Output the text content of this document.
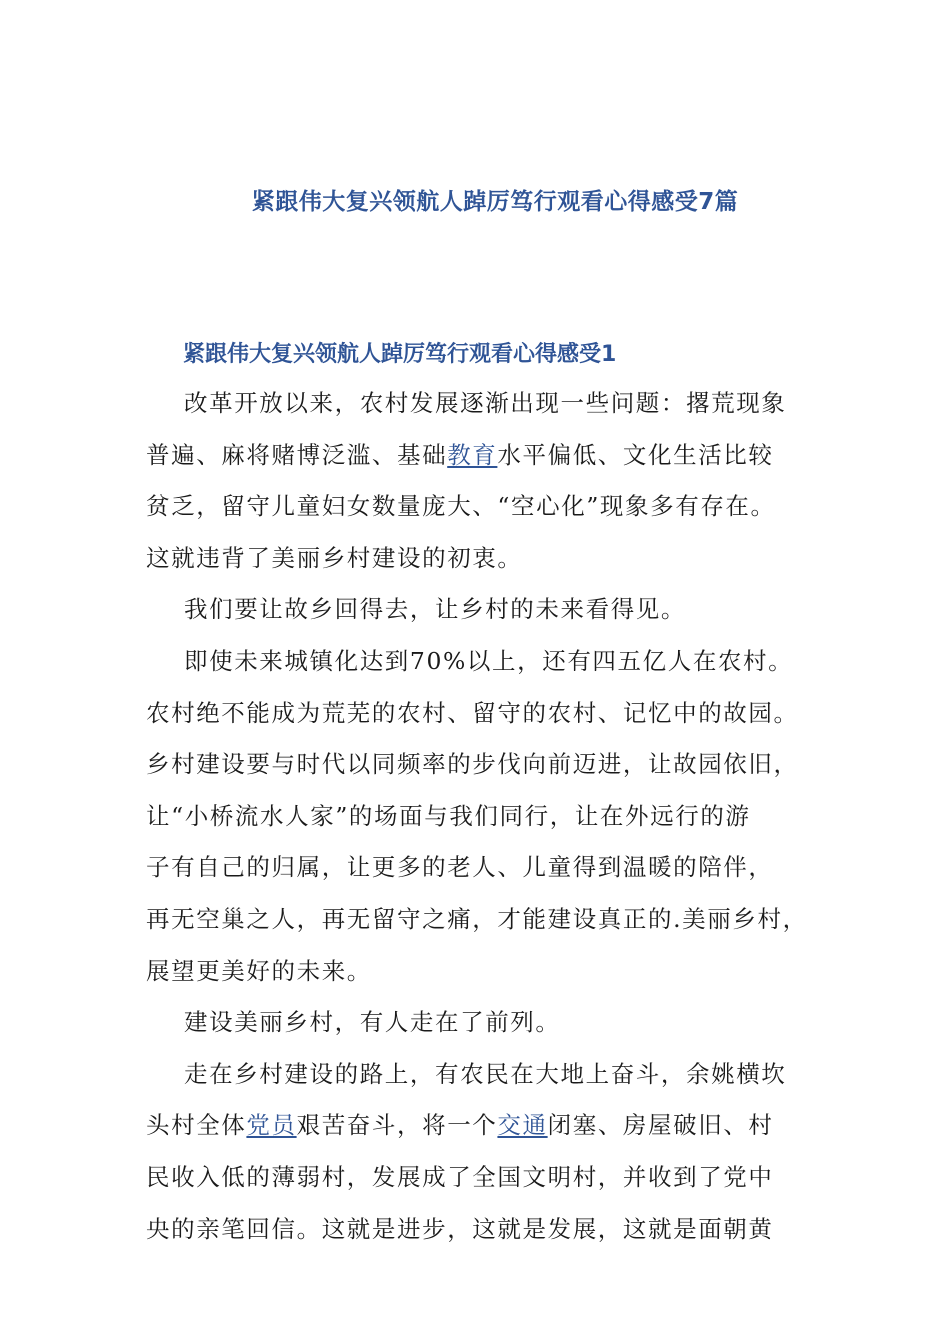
紧跟伟大复兴领航人踔厉笃行观看心得感受7篇
紧跟伟大复兴领航人踔厉笃行观看心得感受1
改革开放以来，农村发展逐渐出现一些问题：撂荒现象
普遍、麻将赌博泛滥、基础教育水平偏低、文化生活比较
贫乏，留守儿童妇女数量庞大、“空心化”现象多有存在。
这就违背了美丽乡村建设的初衷。
我们要让故乡回得去，让乡村的未来看得见。
即使未来城镇化达到70%以上，还有四五亿人在农村。
农村绝不能成为荒芜的农村、留守的农村、记忆中的故园。
乡村建设要与时代以同频率的步伐向前迈进，让故园依旧，
让“小桥流水人家”的场面与我们同行，让在外远行的游
子有自己的归属，让更多的老人、儿童得到温暖的陪伴，
再无空巢之人，再无留守之痛，才能建设真正的.美丽乡村，
展望更美好的未来。
建设美丽乡村，有人走在了前列。
走在乡村建设的路上，有农民在大地上奋斗，余姚横坎
头村全体党员艰苦奋斗，将一个交通闭塞、房屋破旧、村
民收入低的薄弱村，发展成了全国文明村，并收到了党中
央的亲笔回信。这就是进步，这就是发展，这就是面朝黄
